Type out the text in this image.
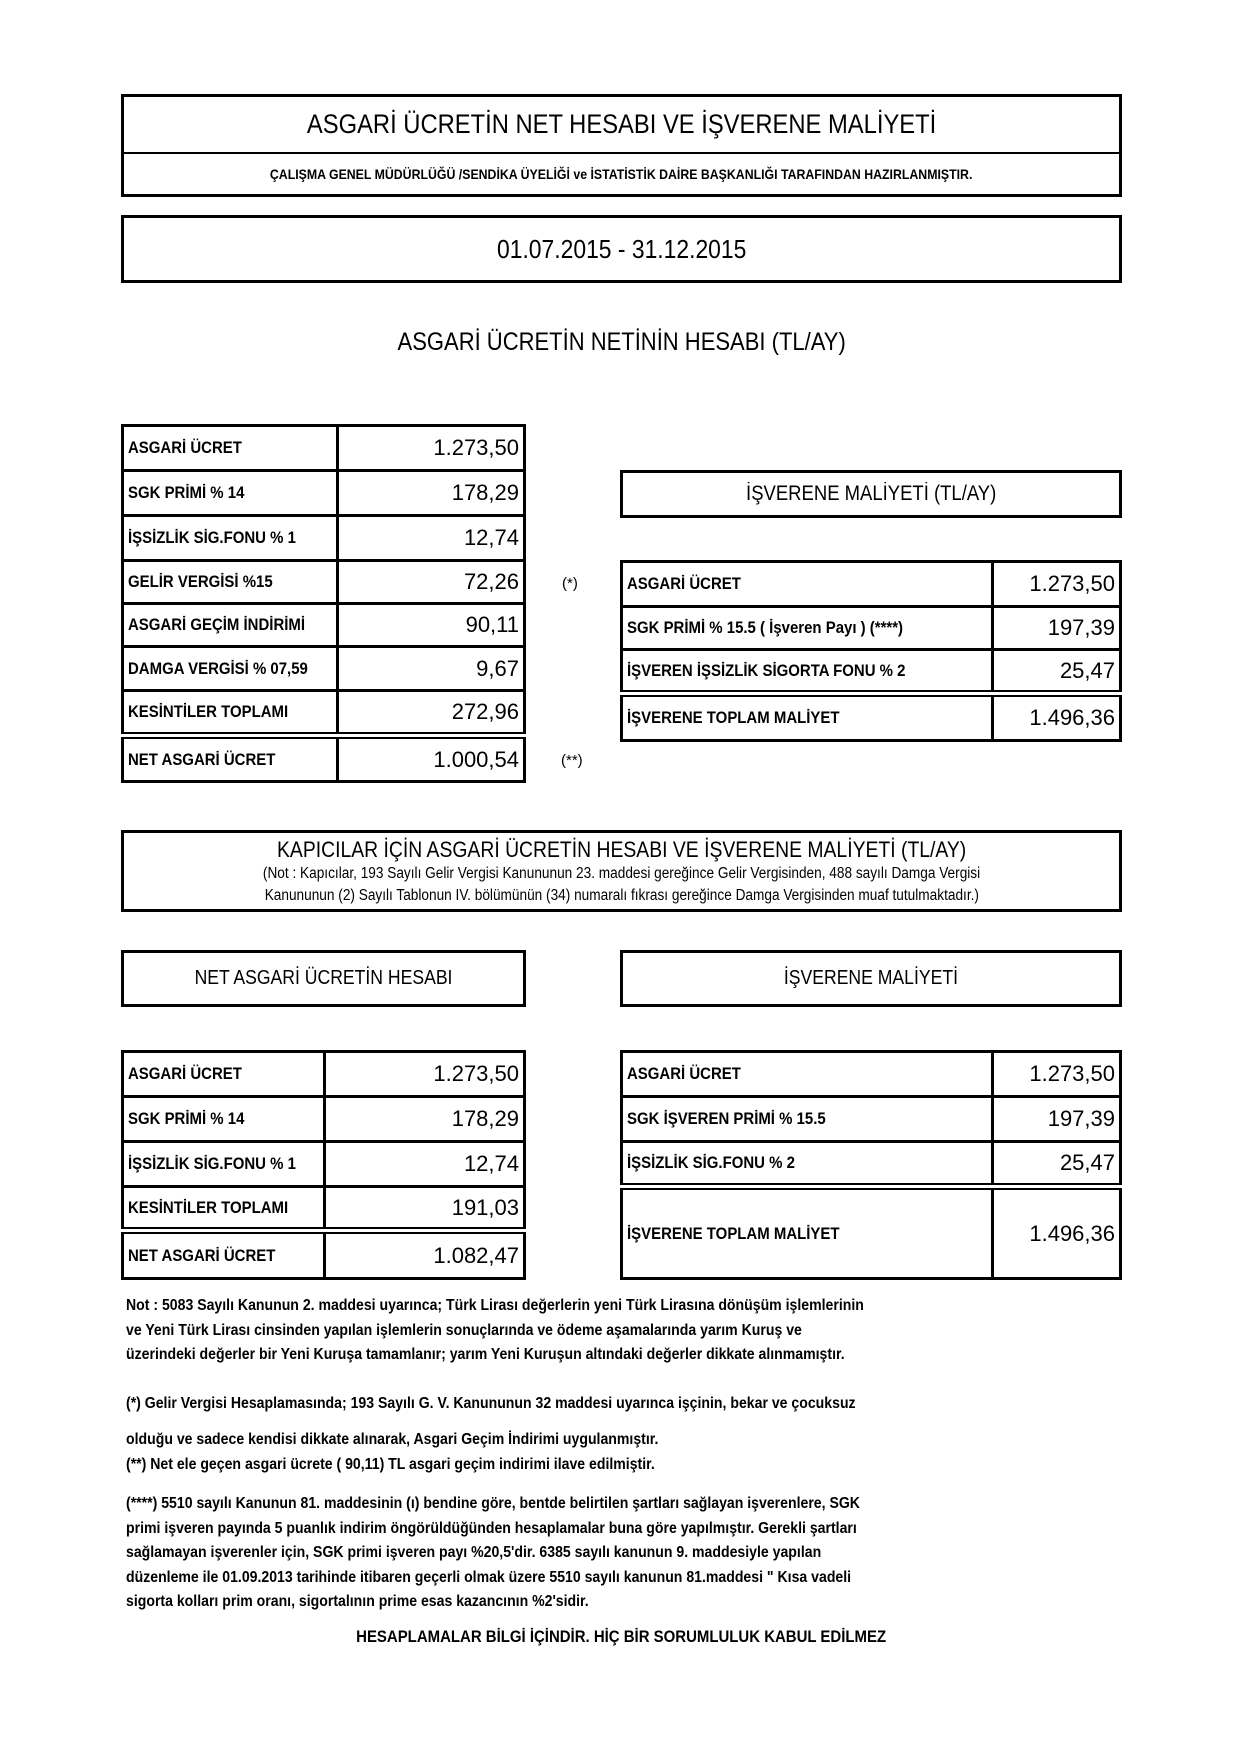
ASGARİ ÜCRETİN NET HESABI VE İŞVERENE MALİYETİ
ÇALIŞMA GENEL MÜDÜRLÜĞÜ /SENDİKA ÜYELİĞİ ve İSTATİSTİK DAİRE BAŞKANLIĞI TARAFINDAN HAZIRLANMIŞTIR.
01.07.2015 - 31.12.2015
ASGARİ ÜCRETİN NETİNİN HESABI (TL/AY)
ASGARİ ÜCRET	1.273,50
SGK PRİMİ % 14	178,29
İŞSİZLİK SİG.FONU % 1	12,74
GELİR VERGİSİ %15	72,26
ASGARİ GEÇİM İNDİRİMİ	90,11
DAMGA VERGİSİ % 07,59	9,67
KESİNTİLER TOPLAMI	272,96
NET ASGARİ ÜCRET	1.000,54
(*)
(**)
İŞVERENE MALİYETİ (TL/AY)
ASGARİ ÜCRET	1.273,50
SGK PRİMİ % 15.5 ( İşveren Payı ) (****)	197,39
İŞVEREN İŞSİZLİK SİGORTA FONU % 2	25,47
İŞVERENE TOPLAM MALİYET	1.496,36
KAPICILAR İÇİN ASGARİ ÜCRETİN HESABI VE İŞVERENE MALİYETİ (TL/AY)
(Not : Kapıcılar, 193 Sayılı Gelir Vergisi Kanununun 23. maddesi gereğince Gelir Vergisinden, 488 sayılı Damga Vergisi
Kanununun (2) Sayılı Tablonun IV. bölümünün (34) numaralı fıkrası gereğince Damga Vergisinden muaf tutulmaktadır.)
NET ASGARİ ÜCRETİN HESABI	İŞVERENE MALİYETİ
ASGARİ ÜCRET	1.273,50
SGK PRİMİ % 14	178,29
İŞSİZLİK SİG.FONU % 1	12,74
KESİNTİLER TOPLAMI	191,03
NET ASGARİ ÜCRET	1.082,47
ASGARİ ÜCRET	1.273,50
SGK İŞVEREN PRİMİ % 15.5	197,39
İŞSİZLİK SİG.FONU % 2	25,47
İŞVERENE TOPLAM MALİYET	1.496,36
Not : 5083 Sayılı Kanunun 2. maddesi uyarınca; Türk Lirası değerlerin yeni Türk Lirasına dönüşüm işlemlerinin
ve Yeni Türk Lirası cinsinden yapılan işlemlerin sonuçlarında ve ödeme aşamalarında yarım Kuruş ve
üzerindeki değerler bir Yeni Kuruşa tamamlanır; yarım Yeni Kuruşun altındaki değerler dikkate alınmamıştır.
(*) Gelir Vergisi Hesaplamasında; 193 Sayılı G. V. Kanununun 32 maddesi uyarınca işçinin, bekar ve çocuksuz
olduğu ve sadece kendisi dikkate alınarak, Asgari Geçim İndirimi uygulanmıştır.
(**) Net ele geçen asgari ücrete ( 90,11) TL asgari geçim indirimi ilave edilmiştir.
(****) 5510 sayılı Kanunun 81. maddesinin (ı) bendine göre, bentde belirtilen şartları sağlayan işverenlere, SGK
primi işveren payında 5 puanlık indirim öngörüldüğünden hesaplamalar buna göre yapılmıştır. Gerekli şartları
sağlamayan işverenler için, SGK primi işveren payı %20,5'dir. 6385 sayılı kanunun 9. maddesiyle yapılan
düzenleme ile 01.09.2013 tarihinde itibaren geçerli olmak üzere 5510 sayılı kanunun 81.maddesi " Kısa vadeli
sigorta kolları prim oranı, sigortalının prime esas kazancının %2'sidir.
HESAPLAMALAR BİLGİ İÇİNDİR. HİÇ BİR SORUMLULUK KABUL EDİLMEZ
